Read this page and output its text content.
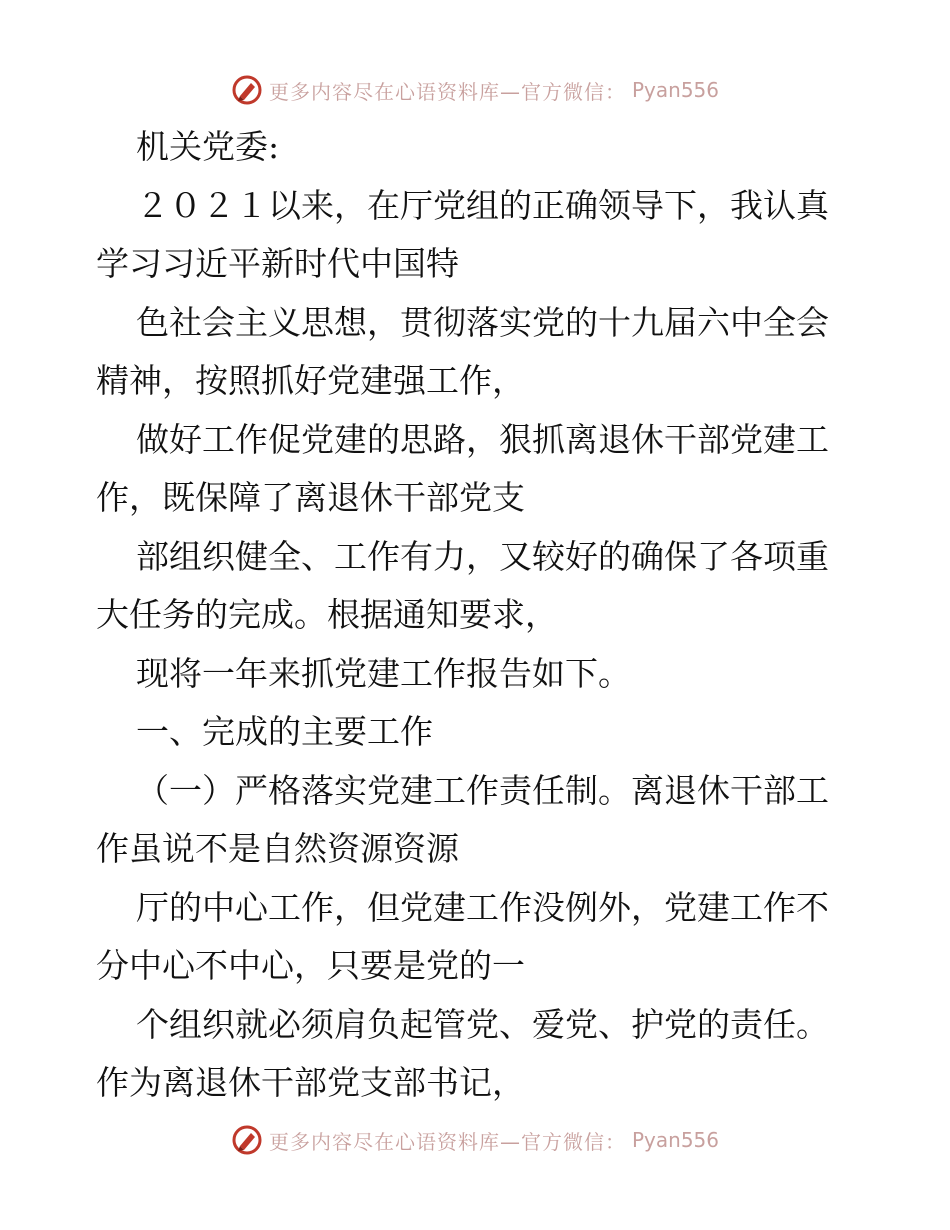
更多内容尽在心语资料库—官方微信： Pyan556
机关党委:
２０２１以来，在厅党组的正确领导下，我认真
学习习近平新时代中国特
色社会主义思想，贯彻落实党的十九届六中全会
精神，按照抓好党建强工作，
做好工作促党建的思路，狠抓离退休干部党建工
作，既保障了离退休干部党支
部组织健全、工作有力，又较好的确保了各项重
大任务的完成。根据通知要求，
现将一年来抓党建工作报告如下。
一、完成的主要工作
（一）严格落实党建工作责任制。离退休干部工
作虽说不是自然资源资源
厅的中心工作，但党建工作没例外，党建工作不
分中心不中心，只要是党的一
个组织就必须肩负起管党、爱党、护党的责任。
作为离退休干部党支部书记，
更多内容尽在心语资料库—官方微信： Pyan556
